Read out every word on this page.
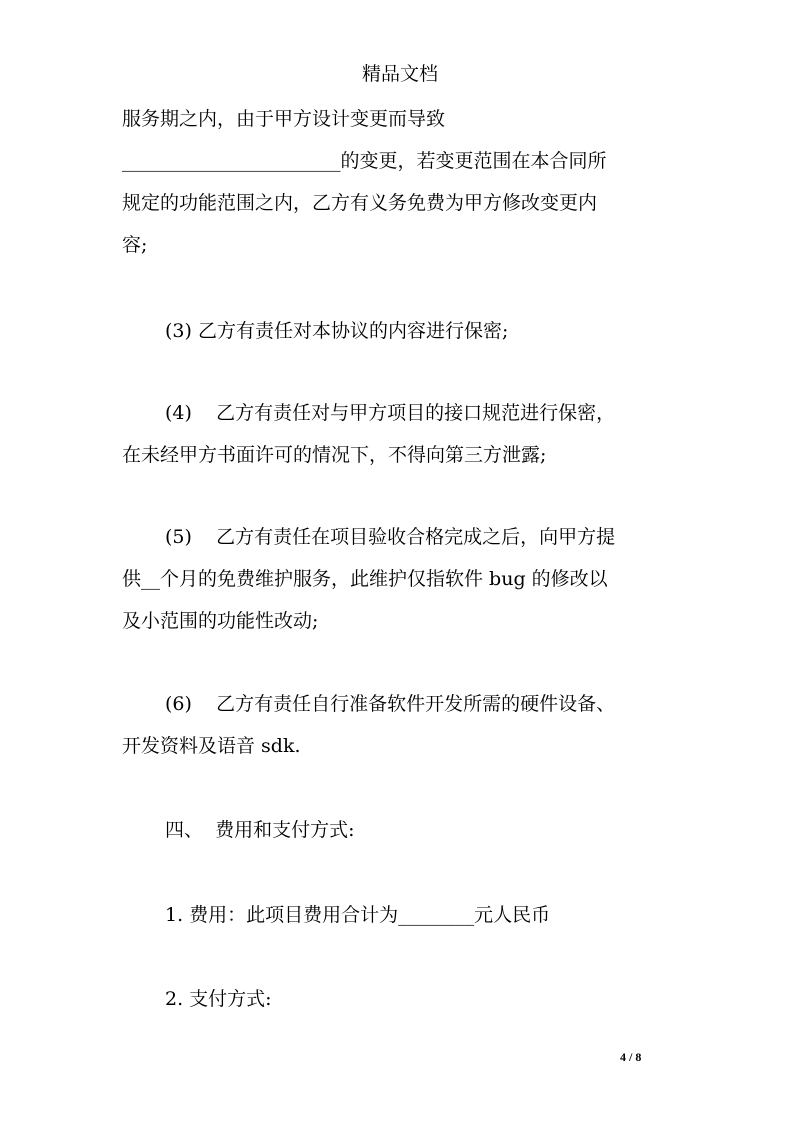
精品文档
服务期之内，由于甲方设计变更而导致
_______________________的变更，若变更范围在本合同所
规定的功能范围之内，乙方有义务免费为甲方修改变更内
容;
(3) 乙方有责任对本协议的内容进行保密;
(4)    乙方有责任对与甲方项目的接口规范进行保密，
在未经甲方书面许可的情况下，不得向第三方泄露;
(5)    乙方有责任在项目验收合格完成之后，向甲方提
供__个月的免费维护服务，此维护仅指软件 bug 的修改以
及小范围的功能性改动;
(6)    乙方有责任自行准备软件开发所需的硬件设备、
开发资料及语音 sdk.
四、  费用和支付方式:
1. 费用：此项目费用合计为________元人民币
2. 支付方式:
4 / 8
